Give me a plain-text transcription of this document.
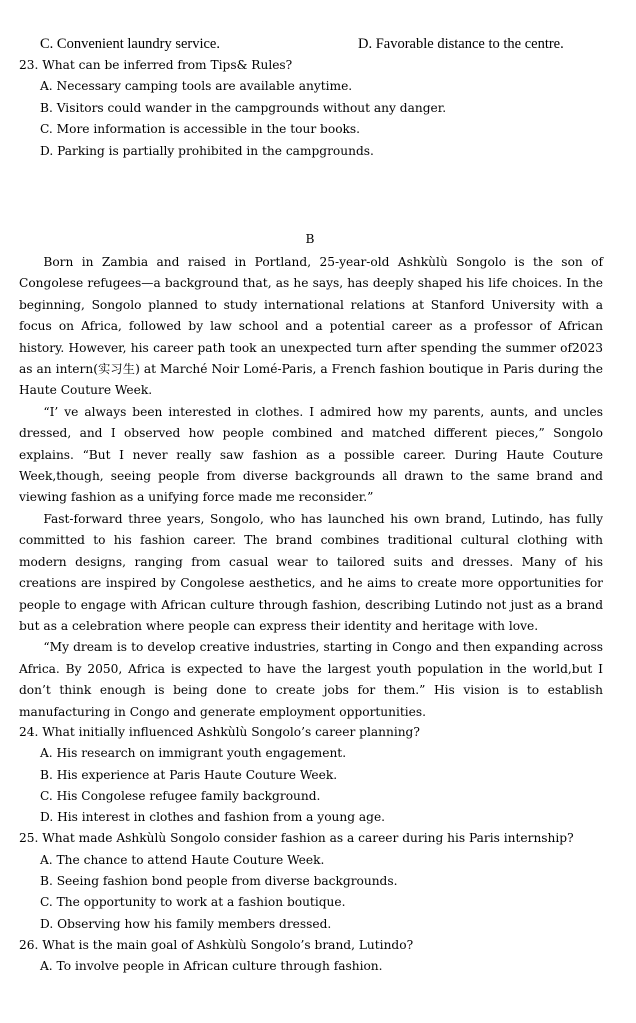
C. Convenient laundry service.	D. Favorable distance to the centre.
23. What can be inferred from Tips& Rules?
A. Necessary camping tools are available anytime.
B. Visitors could wander in the campgrounds without any danger.
C. More information is accessible in the tour books.
D. Parking is partially prohibited in the campgrounds.
B

Born in Zambia and raised in Portland, 25-year-old Ashkùlù Songolo is the son of Congolese refugees—a background that, as he says, has deeply shaped his life choices. In the beginning, Songolo planned to study international relations at Stanford University with a focus on Africa, followed by law school and a potential career as a professor of African history. However, his career path took an unexpected turn after spending the summer of2023 as an intern(实习生) at Marché Noir Lomé-Paris, a French fashion boutique in Paris during the Haute Couture Week.

“I’ ve always been interested in clothes. I admired how my parents, aunts, and uncles dressed, and I observed how people combined and matched different pieces,” Songolo explains. “But I never really saw fashion as a possible career. During Haute Couture Week,though, seeing people from diverse backgrounds all drawn to the same brand and viewing fashion as a unifying force made me reconsider.”

Fast-forward three years, Songolo, who has launched his own brand, Lutindo, has fully committed to his fashion career. The brand combines traditional cultural clothing with modern designs, ranging from casual wear to tailored suits and dresses. Many of his creations are inspired by Congolese aesthetics, and he aims to create more opportunities for people to engage with African culture through fashion, describing Lutindo not just as a brand but as a celebration where people can express their identity and heritage with love.

“My dream is to develop creative industries, starting in Congo and then expanding across Africa. By 2050, Africa is expected to have the largest youth population in the world,but I don’t think enough is being done to create jobs for them.” His vision is to establish manufacturing in Congo and generate employment opportunities.

24. What initially influenced Ashkùlù Songolo’s career planning?
A. His research on immigrant youth engagement.
B. His experience at Paris Haute Couture Week.
C. His Congolese refugee family background.
D. His interest in clothes and fashion from a young age.
25. What made Ashkùlù Songolo consider fashion as a career during his Paris internship?
A. The chance to attend Haute Couture Week.
B. Seeing fashion bond people from diverse backgrounds.
C. The opportunity to work at a fashion boutique.
D. Observing how his family members dressed.
26. What is the main goal of Ashkùlù Songolo’s brand, Lutindo?
A. To involve people in African culture through fashion.
